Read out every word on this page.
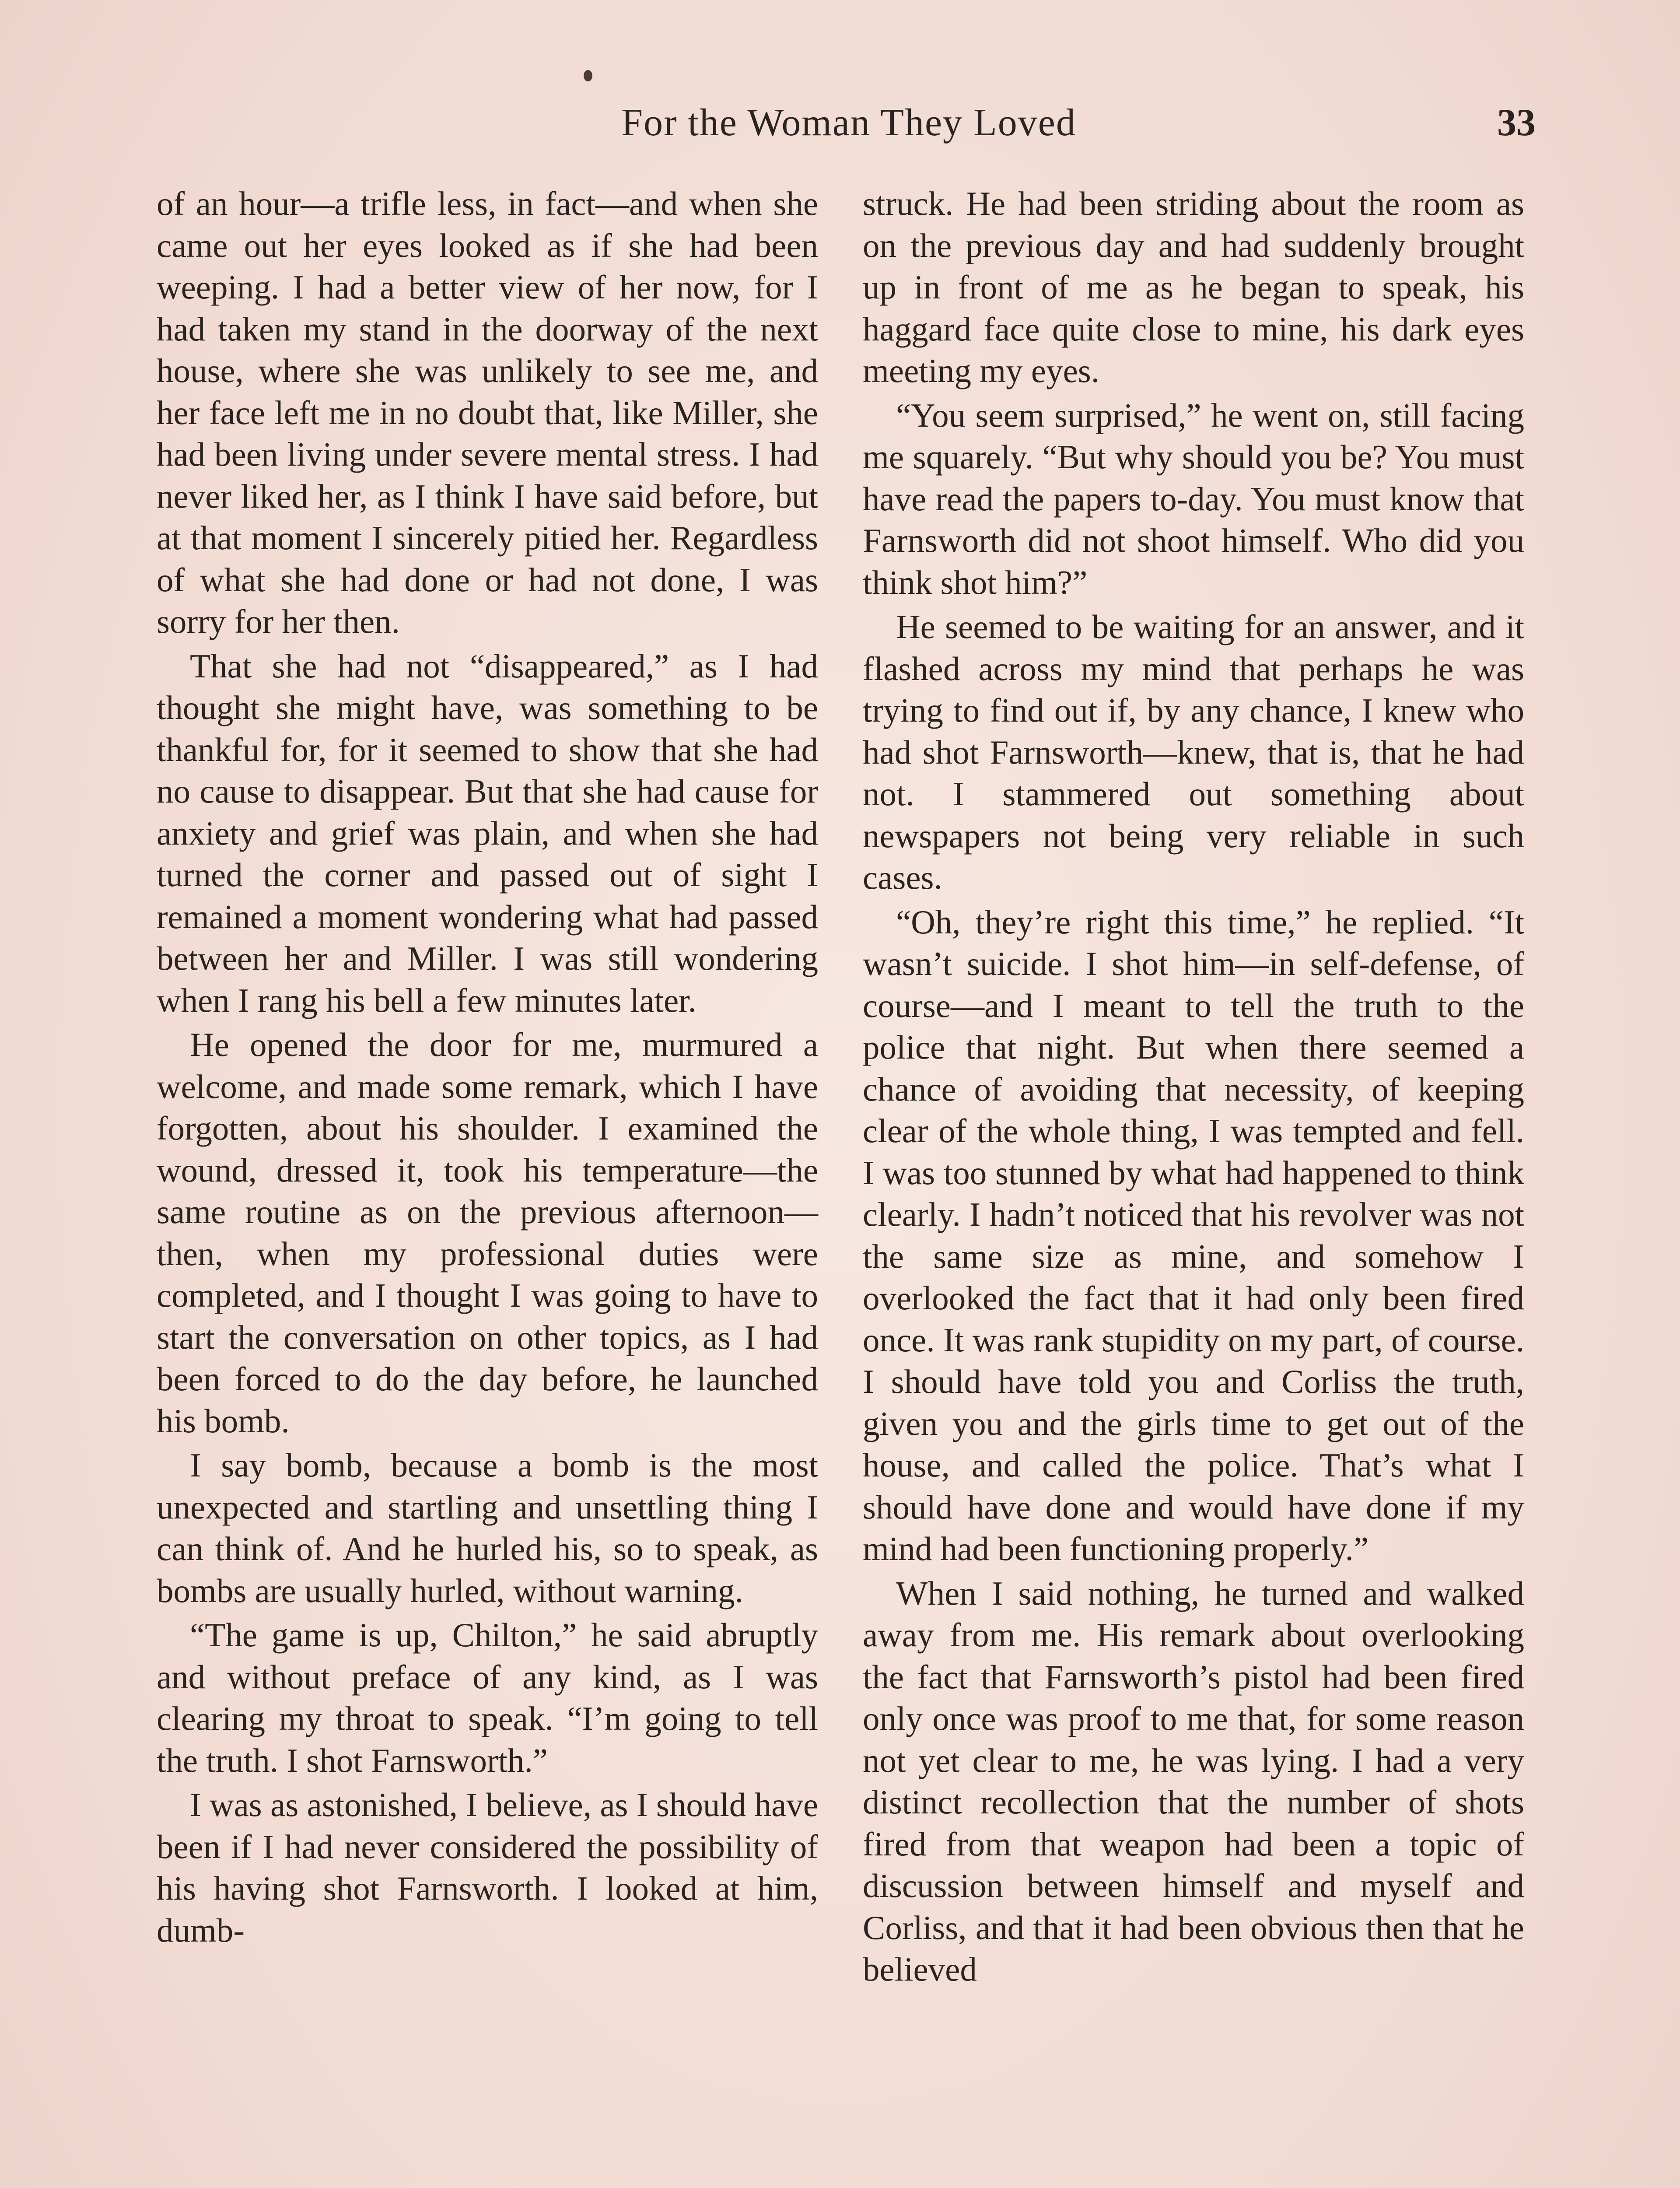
For the Woman They Loved	33

of an hour—a trifle less, in fact—and when she came out her eyes looked as if she had been weeping. I had a better view of her now, for I had taken my stand in the doorway of the next house, where she was unlikely to see me, and her face left me in no doubt that, like Miller, she had been living under severe mental stress. I had never liked her, as I think I have said before, but at that moment I sincerely pitied her. Regardless of what she had done or had not done, I was sorry for her then.

That she had not “disappeared,” as I had thought she might have, was something to be thankful for, for it seemed to show that she had no cause to disappear. But that she had cause for anxiety and grief was plain, and when she had turned the corner and passed out of sight I remained a moment wondering what had passed between her and Miller. I was still wondering when I rang his bell a few minutes later.

He opened the door for me, murmured a welcome, and made some remark, which I have forgotten, about his shoulder. I examined the wound, dressed it, took his temperature—the same routine as on the previous afternoon—then, when my professional duties were completed, and I thought I was going to have to start the conversation on other topics, as I had been forced to do the day before, he launched his bomb.

I say bomb, because a bomb is the most unexpected and startling and unsettling thing I can think of. And he hurled his, so to speak, as bombs are usually hurled, without warning.

“The game is up, Chilton,” he said abruptly and without preface of any kind, as I was clearing my throat to speak. “I’m going to tell the truth. I shot Farnsworth.”

I was as astonished, I believe, as I should have been if I had never considered the possibility of his having shot Farnsworth. I looked at him, dumb-

struck. He had been striding about the room as on the previous day and had suddenly brought up in front of me as he began to speak, his haggard face quite close to mine, his dark eyes meeting my eyes.

“You seem surprised,” he went on, still facing me squarely. “But why should you be? You must have read the papers to-day. You must know that Farnsworth did not shoot himself. Who did you think shot him?”

He seemed to be waiting for an answer, and it flashed across my mind that perhaps he was trying to find out if, by any chance, I knew who had shot Farnsworth—knew, that is, that he had not. I stammered out something about newspapers not being very reliable in such cases.

“Oh, they’re right this time,” he replied. “It wasn’t suicide. I shot him—in self-defense, of course—and I meant to tell the truth to the police that night. But when there seemed a chance of avoiding that necessity, of keeping clear of the whole thing, I was tempted and fell. I was too stunned by what had happened to think clearly. I hadn’t noticed that his revolver was not the same size as mine, and somehow I overlooked the fact that it had only been fired once. It was rank stupidity on my part, of course. I should have told you and Corliss the truth, given you and the girls time to get out of the house, and called the police. That’s what I should have done and would have done if my mind had been functioning properly.”

When I said nothing, he turned and walked away from me. His remark about overlooking the fact that Farnsworth’s pistol had been fired only once was proof to me that, for some reason not yet clear to me, he was lying. I had a very distinct recollection that the number of shots fired from that weapon had been a topic of discussion between himself and myself and Corliss, and that it had been obvious then that he believed
